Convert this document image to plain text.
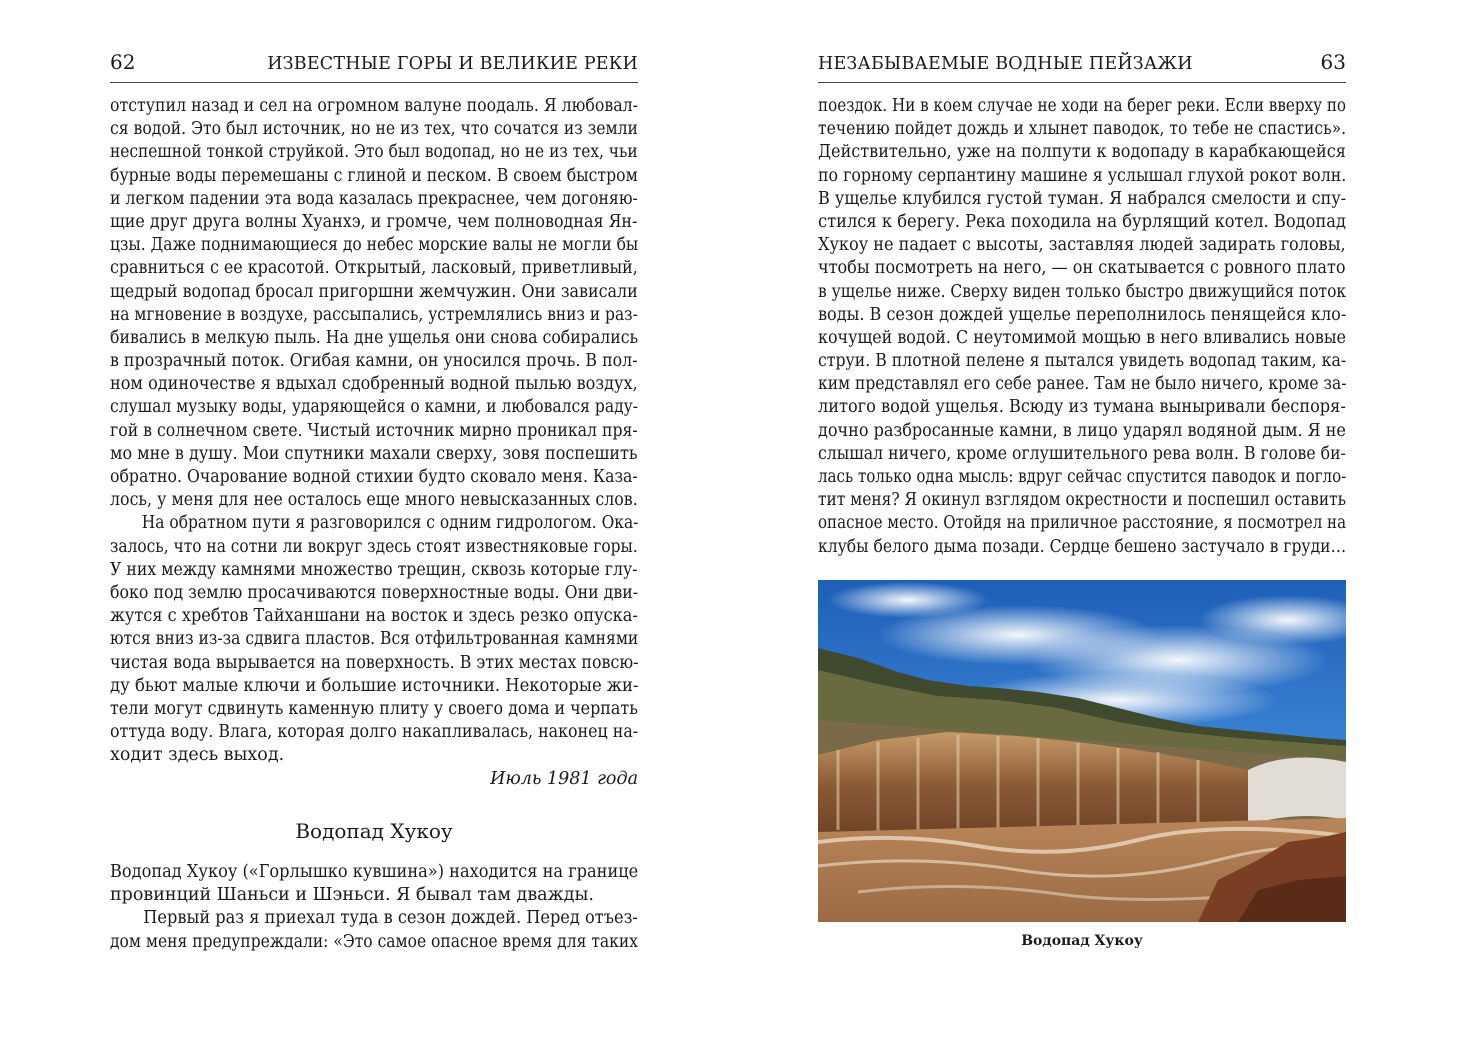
62	ИЗВЕСТНЫЕ ГОРЫ И ВЕЛИКИЕ РЕКИ
отступил назад и сел на огромном валуне поодаль. Я любовал-
ся водой. Это был источник, но не из тех, что сочатся из земли
неспешной тонкой струйкой. Это был водопад, но не из тех, чьи
бурные воды перемешаны с глиной и песком. В своем быстром
и легком падении эта вода казалась прекраснее, чем догоняю-
щие друг друга волны Хуанхэ, и громче, чем полноводная Ян-
цзы. Даже поднимающиеся до небес морские валы не могли бы
сравниться с ее красотой. Открытый, ласковый, приветливый,
щедрый водопад бросал пригоршни жемчужин. Они зависали
на мгновение в воздухе, рассыпались, устремлялись вниз и раз-
бивались в мелкую пыль. На дне ущелья они снова собирались
в прозрачный поток. Огибая камни, он уносился прочь. В пол-
ном одиночестве я вдыхал сдобренный водной пылью воздух,
слушал музыку воды, ударяющейся о камни, и любовался раду-
гой в солнечном свете. Чистый источник мирно проникал пря-
мо мне в душу. Мои спутники махали сверху, зовя поспешить
обратно. Очарование водной стихии будто сковало меня. Каза-
лось, у меня для нее осталось еще много невысказанных слов.
На обратном пути я разговорился с одним гидрологом. Ока-
залось, что на сотни ли вокруг здесь стоят известняковые горы.
У них между камнями множество трещин, сквозь которые глу-
боко под землю просачиваются поверхностные воды. Они дви-
жутся с хребтов Тайханшани на восток и здесь резко опуска-
ются вниз из-за сдвига пластов. Вся отфильтрованная камнями
чистая вода вырывается на поверхность. В этих местах повсю-
ду бьют малые ключи и большие источники. Некоторые жи-
тели могут сдвинуть каменную плиту у своего дома и черпать
оттуда воду. Влага, которая долго накапливалась, наконец на-
ходит здесь выход.
Июль 1981 года
Водопад Хукоу
Водопад Хукоу («Горлышко кувшина») находится на границе
провинций Шаньси и Шэньси. Я бывал там дважды.
Первый раз я приехал туда в сезон дождей. Перед отъез-
дом меня предупреждали: «Это самое опасное время для таких
НЕЗАБЫВАЕМЫЕ ВОДНЫЕ ПЕЙЗАЖИ	63
поездок. Ни в коем случае не ходи на берег реки. Если вверху по
течению пойдет дождь и хлынет паводок, то тебе не спастись».
Действительно, уже на полпути к водопаду в карабкающейся
по горному серпантину машине я услышал глухой рокот волн.
В ущелье клубился густой туман. Я набрался смелости и спу-
стился к берегу. Река походила на бурлящий котел. Водопад
Хукоу не падает с высоты, заставляя людей задирать головы,
чтобы посмотреть на него, — он скатывается с ровного плато
в ущелье ниже. Сверху виден только быстро движущийся поток
воды. В сезон дождей ущелье переполнилось пенящейся кло-
кочущей водой. С неутомимой мощью в него вливались новые
струи. В плотной пелене я пытался увидеть водопад таким, ка-
ким представлял его себе ранее. Там не было ничего, кроме за-
литого водой ущелья. Всюду из тумана выныривали беспоря-
дочно разбросанные камни, в лицо ударял водяной дым. Я не
слышал ничего, кроме оглушительного рева волн. В голове би-
лась только одна мысль: вдруг сейчас спустится паводок и погло-
тит меня? Я окинул взглядом окрестности и поспешил оставить
опасное место. Отойдя на приличное расстояние, я посмотрел на
клубы белого дыма позади. Сердце бешено застучало в груди…
Водопад Хукоу
